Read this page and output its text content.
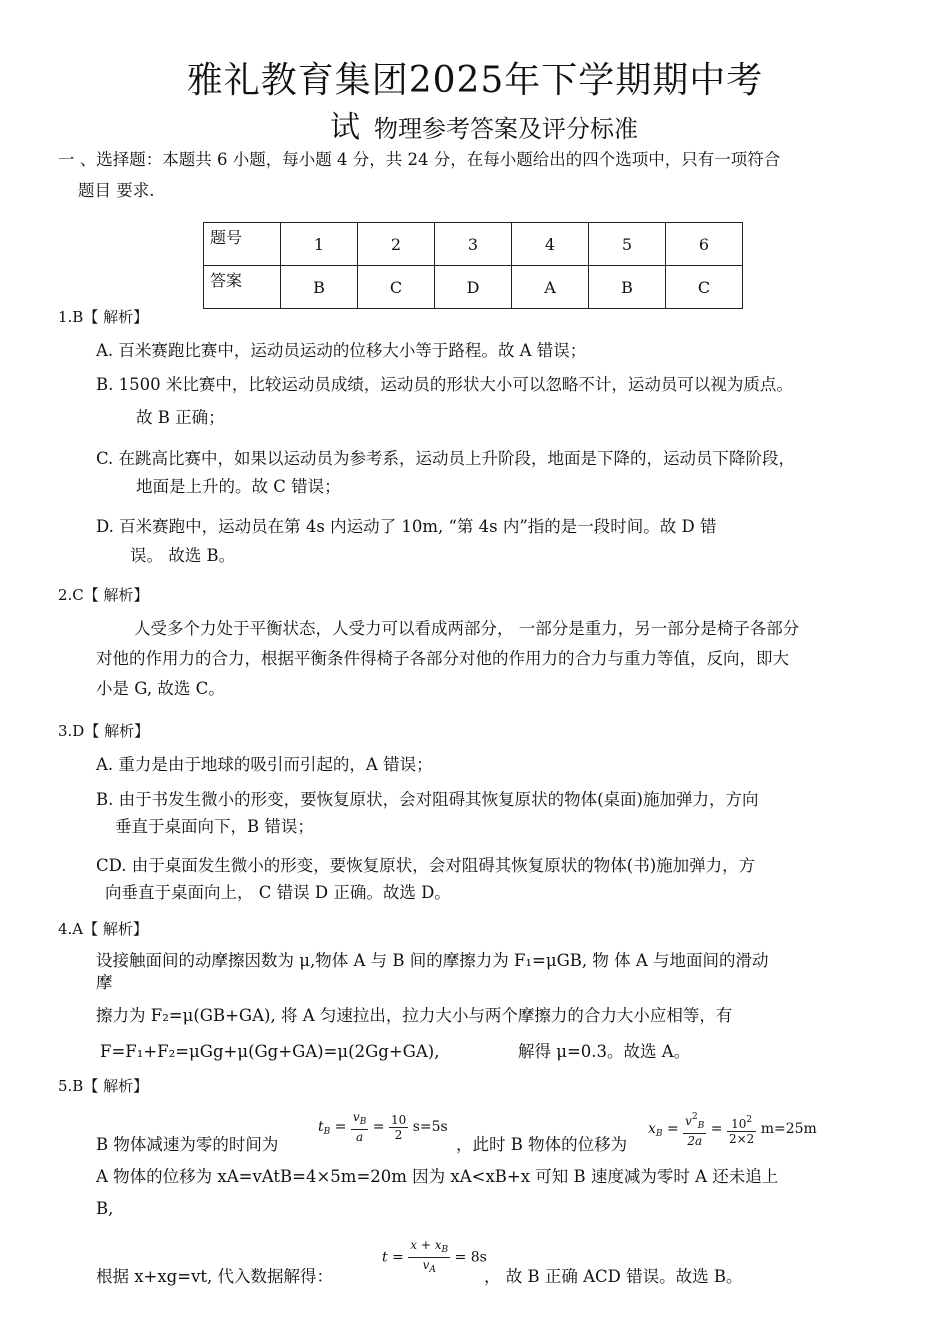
雅礼教育集团2025年下学期期中考
试 物理参考答案及评分标准
一 、选择题：本题共 6 小题，每小题 4 分，共 24 分，在每小题给出的四个选项中，只有一项符合
题目 要求.
题号	1	2	3	4	5	6
答案	B	C	D	A	B	C
1.B【 解析】
A. 百米赛跑比赛中，运动员运动的位移大小等于路程。故 A 错误；
B. 1500 米比赛中，比较运动员成绩，运动员的形状大小可以忽略不计，运动员可以视为质点。
故 B 正确；
C. 在跳高比赛中，如果以运动员为参考系，运动员上升阶段，地面是下降的，运动员下降阶段，
地面是上升的。故 C 错误；
D. 百米赛跑中，运动员在第 4s 内运动了 10m, “第 4s 内”指的是一段时间。故 D 错
误。 故选 B。
2.C【 解析】
人受多个力处于平衡状态，人受力可以看成两部分， 一部分是重力，另一部分是椅子各部分
对他的作用力的合力，根据平衡条件得椅子各部分对他的作用力的合力与重力等值，反向，即大
小是 G, 故选 C。
3.D【 解析】
A. 重力是由于地球的吸引而引起的，A 错误；
B. 由于书发生微小的形变，要恢复原状，会对阻碍其恢复原状的物体(桌面)施加弹力，方向
垂直于桌面向下，B 错误；
CD. 由于桌面发生微小的形变，要恢复原状，会对阻碍其恢复原状的物体(书)施加弹力，方
向垂直于桌面向上， C 错误 D 正确。故选 D。
4.A【 解析】
设接触面间的动摩擦因数为 μ,物体 A 与 B 间的摩擦力为 F₁=μGB, 物 体 A 与地面间的滑动
摩
擦力为 F₂=μ(GB+GA), 将 A 匀速拉出，拉力大小与两个摩擦力的合力大小应相等，有
F=F₁+F₂=μGg+μ(Gg+GA)=μ(2Gg+GA),	解得 μ=0.3。故选 A。
5.B【 解析】
B 物体减速为零的时间为
$t_B = \frac{v_B}{a} = \frac{10}{2} s=5s$
，此时 B 物体的位移为
$x_B = \frac{v^2_B}{2a} = \frac{10^2}{2\times 2} m=25m$
A 物体的位移为 xA=vAtB=4×5m=20m 因为 xA<xB+x 可知 B 速度减为零时 A 还未追上
B,
根据 x+xg=vt, 代入数据解得：
$t = \frac{x + x_B}{v_A} = 8s$
， 故 B 正确 ACD 错误。故选 B。
